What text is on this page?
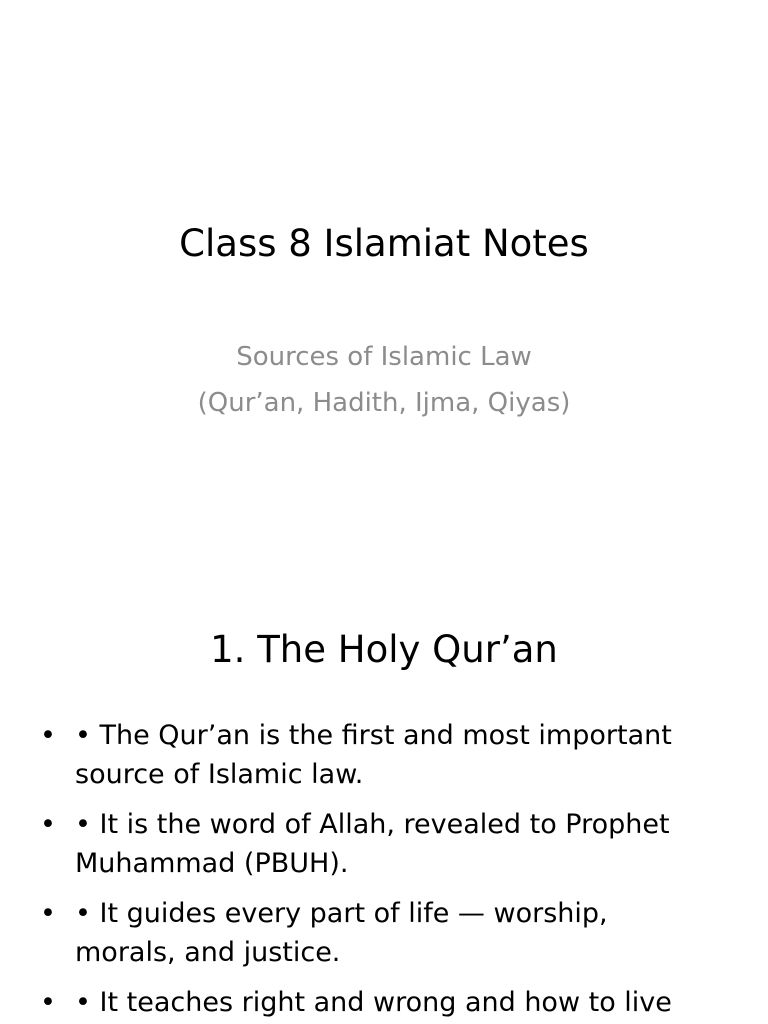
Class 8 Islamiat Notes
Sources of Islamic Law
(Qur’an, Hadith, Ijma, Qiyas)
1. The Holy Qur’an
• • The Qur’an is the first and most important source of Islamic law.
• • It is the word of Allah, revealed to Prophet Muhammad (PBUH).
• • It guides every part of life — worship, morals, and justice.
• • It teaches right and wrong and how to live
